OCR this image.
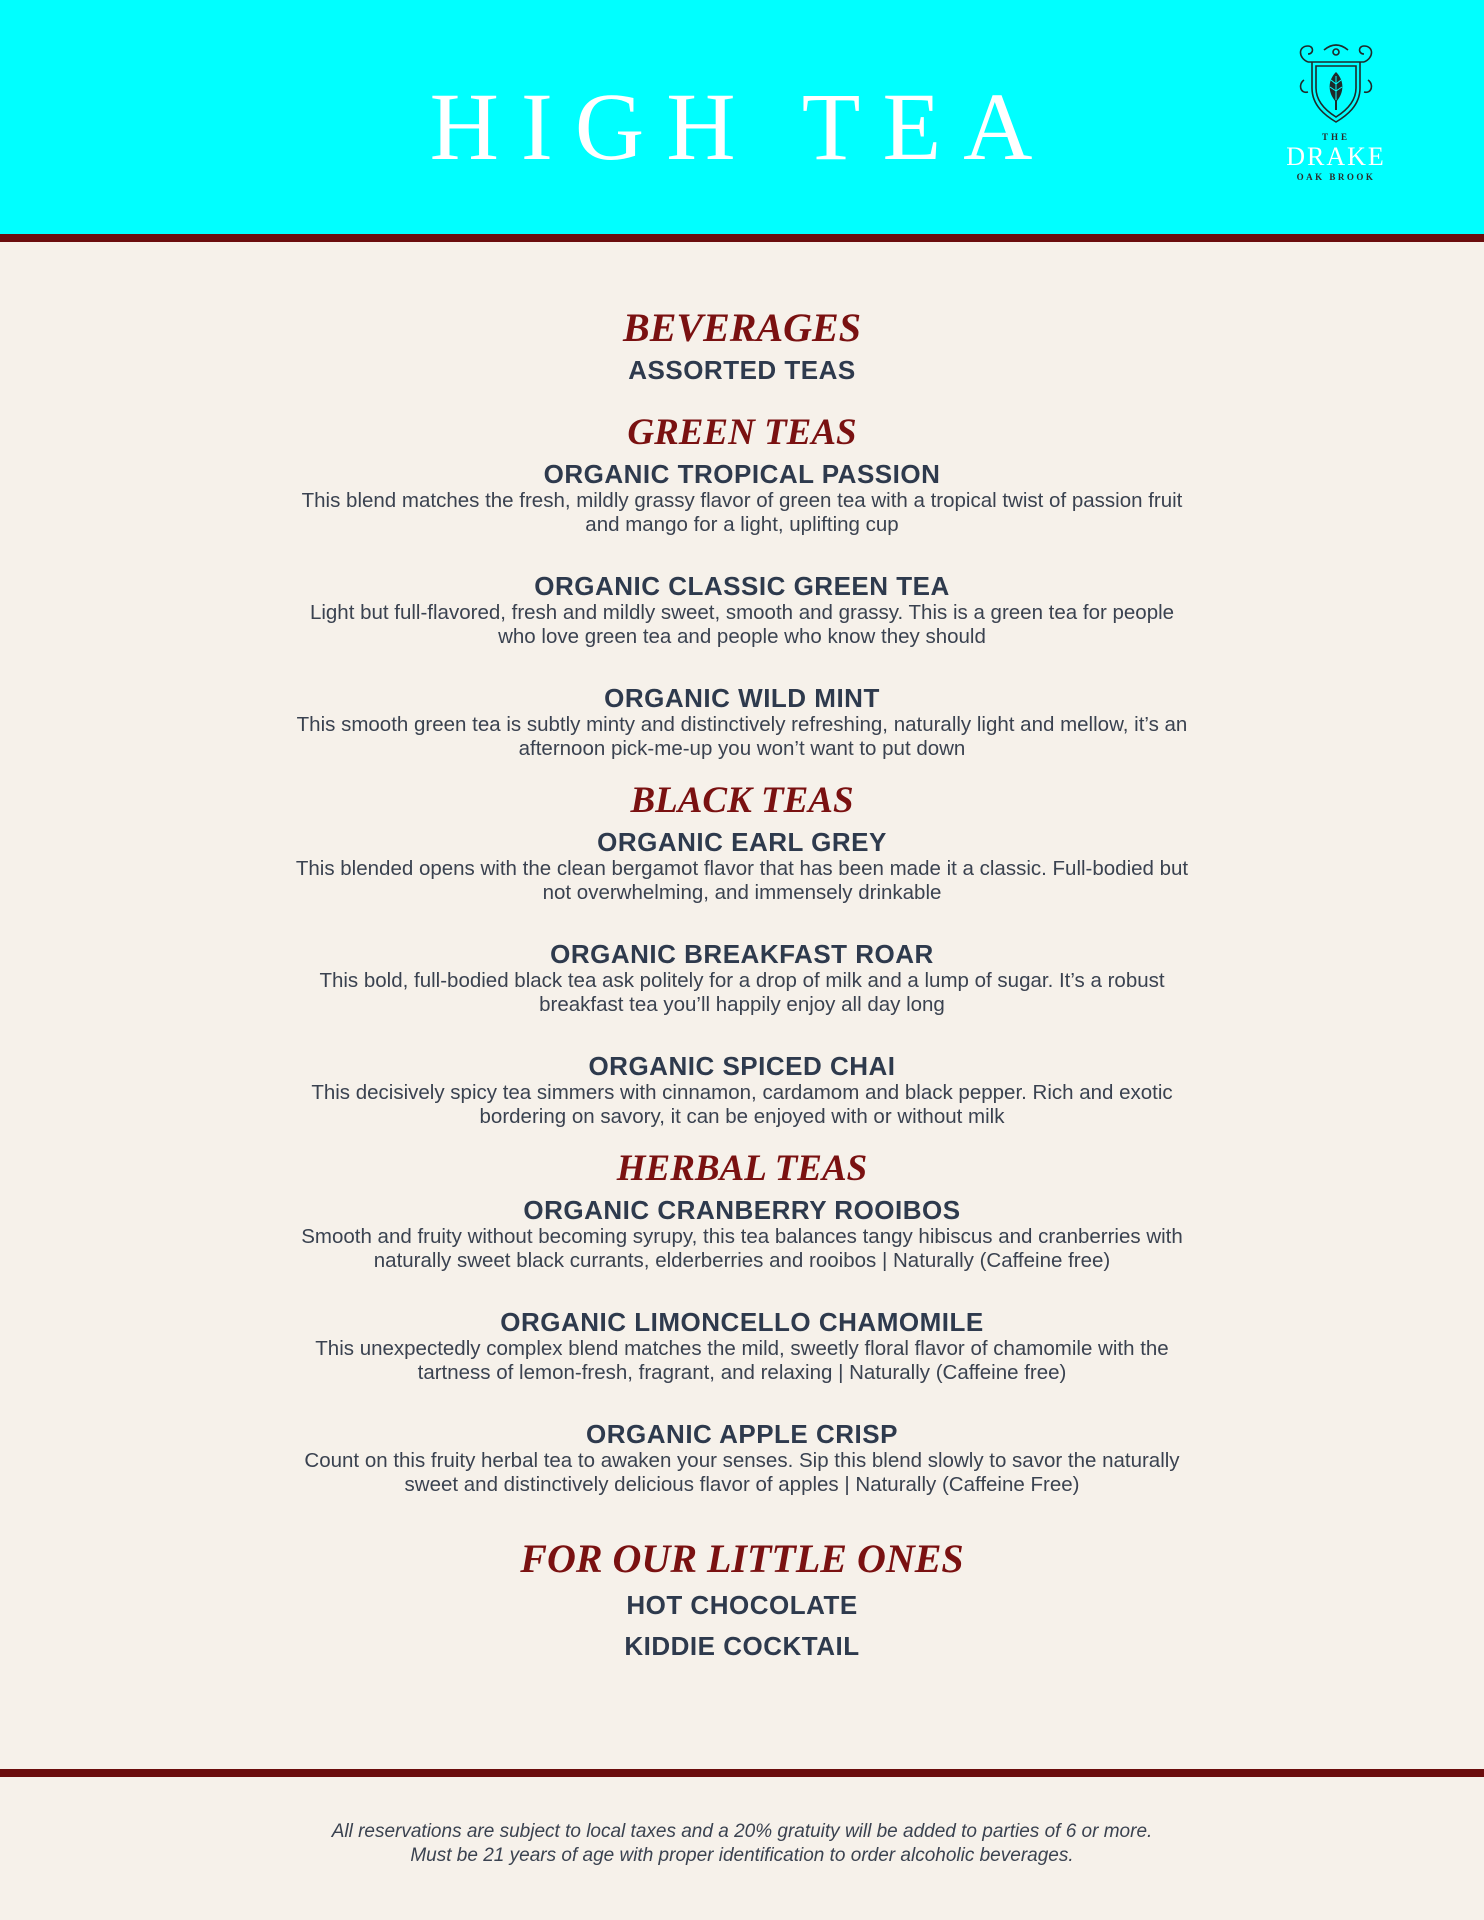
HIGH TEA	THE
DRAKE
OAK BROOK
BEVERAGES
ASSORTED TEAS
GREEN TEAS
ORGANIC TROPICAL PASSION
This blend matches the fresh, mildly grassy flavor of green tea with a tropical twist of passion fruit
and mango for a light, uplifting cup
ORGANIC CLASSIC GREEN TEA
Light but full-flavored, fresh and mildly sweet, smooth and grassy. This is a green tea for people
who love green tea and people who know they should
ORGANIC WILD MINT
This smooth green tea is subtly minty and distinctively refreshing, naturally light and mellow, it’s an
afternoon pick-me-up you won’t want to put down
BLACK TEAS
ORGANIC EARL GREY
This blended opens with the clean bergamot flavor that has been made it a classic. Full-bodied but
not overwhelming, and immensely drinkable
ORGANIC BREAKFAST ROAR
This bold, full-bodied black tea ask politely for a drop of milk and a lump of sugar. It’s a robust
breakfast tea you’ll happily enjoy all day long
ORGANIC SPICED CHAI
This decisively spicy tea simmers with cinnamon, cardamom and black pepper. Rich and exotic
bordering on savory, it can be enjoyed with or without milk
HERBAL TEAS
ORGANIC CRANBERRY ROOIBOS
Smooth and fruity without becoming syrupy, this tea balances tangy hibiscus and cranberries with
naturally sweet black currants, elderberries and rooibos | Naturally (Caffeine free)
ORGANIC LIMONCELLO CHAMOMILE
This unexpectedly complex blend matches the mild, sweetly floral flavor of chamomile with the
tartness of lemon-fresh, fragrant, and relaxing | Naturally (Caffeine free)
ORGANIC APPLE CRISP
Count on this fruity herbal tea to awaken your senses. Sip this blend slowly to savor the naturally
sweet and distinctively delicious flavor of apples | Naturally (Caffeine Free)
FOR OUR LITTLE ONES
HOT CHOCOLATE
KIDDIE COCKTAIL
All reservations are subject to local taxes and a 20% gratuity will be added to parties of 6 or more.
Must be 21 years of age with proper identification to order alcoholic beverages.
